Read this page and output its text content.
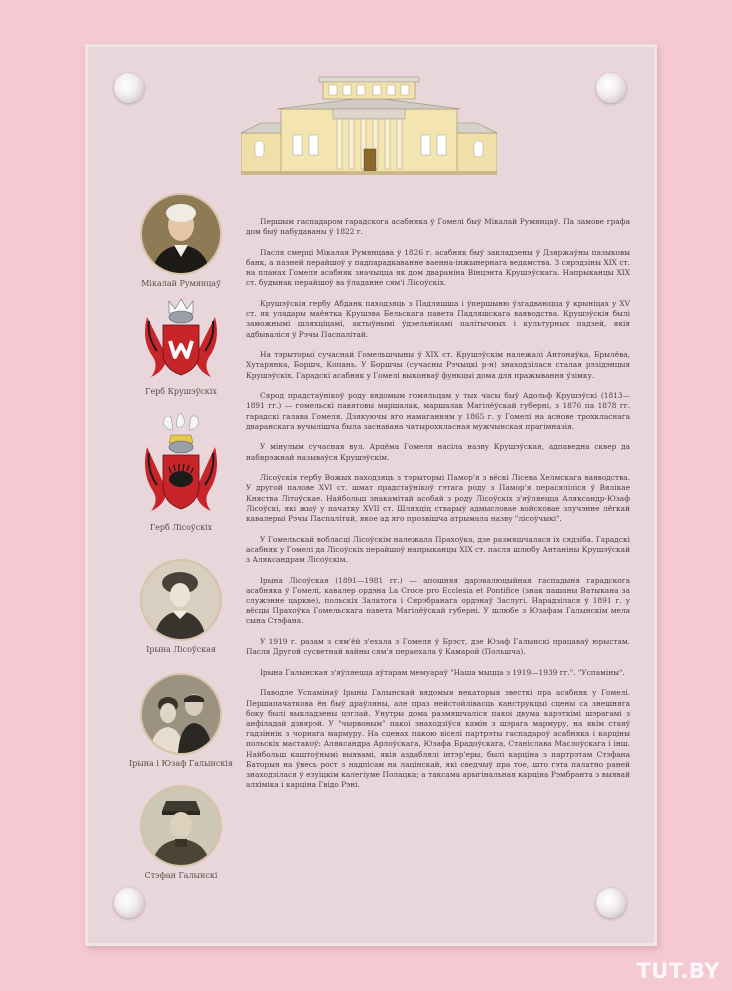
Мікалай Румянцаў
Герб Крушэўскіх
Герб Лісоўскіх
Ірына Лісоўская
Ірына і Юзаф Галынскія
Стэфан Галынскі

Першым гаспадаром гарадскога асабняка ў Гомелі быў Мікалай Румянцаў. Па замове графа дом быў пабудаваны ў 1822 г.

Пасля смерці Мікалая Румянцава ў 1826 г. асабняк быў закладзены ў Дзяржаўны пазыковы банк, а пазней перайшоў у падпарадкаванне ваенна-інжынернага ведамства. З сярэдзіны XIX ст. на планах Гомеля асабняк значыцца як дом двараніна Вінцэнта Крушэўскага. Напрыканцы XIX ст. будынак перайшоў ва ўладанне сям'і Лісоўскіх.

Крушэўскія гербу Абданк паходзяць з Падляшша і ўпершыню ўзгадваюцца ў крыніцах у XV ст. як уладары маёнтка Крушэва Бельскага павета Падляшскага ваяводства. Крушэўскія былі заможнымі шляхціцамі, актыўнымі ўдзельнікамі палітычных і культурных падзей, якія адбываліся ў Рэчы Паспалітай.

На тэрыторыі сучаснай Гомельшчыны ў XIX ст. Крушэўскім належалі Антонаўка, Брылёва, Хутарянка, Боршч, Копань. У Боршчы (сучасны Рэчыцкі р-н) знаходзілася сталая рэзідэнцыя Крушэўскіх. Гарадскі асабняк у Гомелі выконваў функцыі дома для пражывання ўзімку.

Сярод прадстаўнікоў роду вядомым гомяльцам у тых часы быў Адольф Крушэўскі (1813—1891 гг.) — гомельскі павятовы маршалак, маршалак Магілёўскай губерні, з 1876 па 1878 гг. гарадскі галава Гомеля. Дзякуючы яго намаганням у 1865 г. у Гомелі на аснове трохкласнага дваранскага вучылішча была заснавана чатырохкласная мужчынская прагімназія.

У мінулым сучасная вул. Арцёма Гомеля насіла назву Крушэўская, адпаведна сквер да набярэжнай называўся Крушэўскім.

Лісоўскія гербу Вожых паходзяць з тэрыторыі Памор'я з вёскі Лісева Хелмскага ваяводства. У другой палове XVI ст. шмат прадстаўнікоў гэтага роду з Памор'я перасяліліся ў Вялікае Княства Літоўскае. Найбольш знакамітай асобай з роду Лісоўскіх з'яўляецца Аляксандр-Юзаф Лісоўскі, які жыў у пачатку XVII ст. Шляхціц стварыў адмысловае войсковае злучэнне лёгкай кавалерыі Рэчы Паспалітай, якое ад яго прозвішча атрымала назву "лісоўчыкі".

У Гомельскай вобласці Лісоўскім належала Прахоўка, дзе размяшчалася іх сядзіба. Гарадскі асабняк у Гомелі да Лісоўскіх перайшоў напрыканцы XIX ст. пасля шлюбу Антаніны Крушэўскай з Аляксандрам Лісоўскім.

Ірына Лісоўская (1891—1981 гг.) — апошняя дарэвалюцыйная гаспадыня гарадскога асабняка ў Гомелі, кавалер ордэна La Croce pro Ecclesia et Pontifice (знак пашаны Ватыкана за служэнне царкве), польскіх Залатога і Сярэбранага ордэнаў Заслугі. Нарадзілася ў 1891 г. у вёсцы Прахоўка Гомельскага павета Магілёўскай губерні. У шлюбе з Юзафам Галынскім мела сына Стэфана.

У 1919 г. разам з сям'ёй з'ехала з Гомеля ў Брэст, дзе Юзаф Галынскі працаваў юрыстам. Пасля Другой сусветнай вайны сям'я пераехала ў Камарой (Польшча).

Ірына Галынская з'яўляецца аўтарам мемуараў "Наша мыцца з 1919—1939 гг.". "Успаміны".

Паводле Успамінаў Ірыны Галынскай вядомыя некаторыя звесткі пра асабняк у Гомелі. Першапачаткова ён быў драўляны, але праз нейстойлівасць канструкцыі сцены са знешняга боку былі выкладзены цэглай. Унутры дома размяшчаліся пакоі двума карэткімі шэрагамі з анфіладай дзвярэй. У "чырвоным" пакоі знаходзіўся камін з шэрага мармуру, на якім стаяў гадзіннік з чорнага мармуру. На сценах пакою віселі партрэты гаспадароў асабняка і карціны польскіх мастакоў: Аляксандра Арлоўскага, Юзафа Брадоўскага, Станіслава Маслоўскага і інш. Найбольш каштоўнымі выявамі, якія аздаблялі інтэр'еры, былі карціна з партрэтам Стэфана Баторыя на ўвесь рост з надпісам на лацінскай, які сведчыў пра тое, што гэта палатно раней знаходзілася ў езуіцкім калегіуме Полацка; а таксама арыгінальная карціна Рэмбранта з выявай алхіміка і карціна Гвідо Рэні.

TUT.BY
